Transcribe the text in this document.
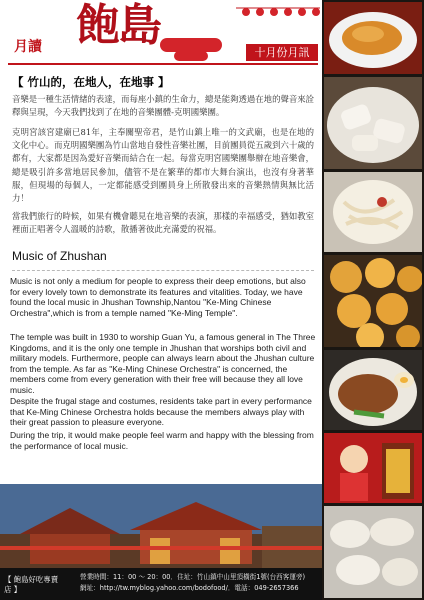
月讀 飽島
十月份月訊
【 竹山的，在地人，在地事 】

音樂是一種生活情緒的表達，而每座小鎮的生命力，總是能夠透過在地的聲音來詮釋與呈現，今天我們找到了在地的音樂團體-克明國樂團。

克明宮該宮建廟已81年，主奉關聖帝君，是竹山鎮上唯一的文武廟，也是在地的文化中心。而克明國樂團為竹山當地自發性音樂社團，目前團員從五歲到六十歲的都有，大家都是因為愛好音樂而結合在一起。每當克明宮國樂團舉辦在地音樂會，總是吸引許多當地居民參加，儘管不是在繁華的都市大舞台演出，也沒有身著華服，但現場的每個人，一定都能感受到團員身上所散發出來的音樂熱情與無比活力！

當我們旅行的時候，如果有機會聽見在地音樂的表演，那樣的幸福感受，猶如教室裡面正唱著令人溫暖的詩歌，散播著彼此充滿愛的祝福。

Music of Zhushan

Music is not only a medium for people to express their deep emotions, but also for every lovely town to demonstrate its features and vitalities. Today, we have found the local music in Jhushan Township,Nantou "Ke-Ming Chinese Orchestra",which is from a temple named "Ke-Ming Temple".

The temple was built in 1930 to worship Guan Yu, a famous general in The Three Kingdoms, and it is the only one temple in Jhushan that worships both civil and military models. Furthermore, people can always learn about the Jhushan culture from the temple. As far as "Ke-Ming Chinese Orchestra" is concerned, the members come from every generation with their free will because they all love music.

Despite the frugal stage and costumes, residents take part in every performance that Ke-Ming Chinese Orchestra holds because the members always play with their great passion to pleasure everyone.

During the trip, it would make people feel warm and happy with the blessing from the performance of local music.

【 飽島好吃專賣店 】
營業時間：11：00 ～ 20：00．住址：竹山鎮中山里頂橫街1號(台西客運旁)
網址：http://tw.myblog.yahoo.com/bodofood/．電話：049-2657366
